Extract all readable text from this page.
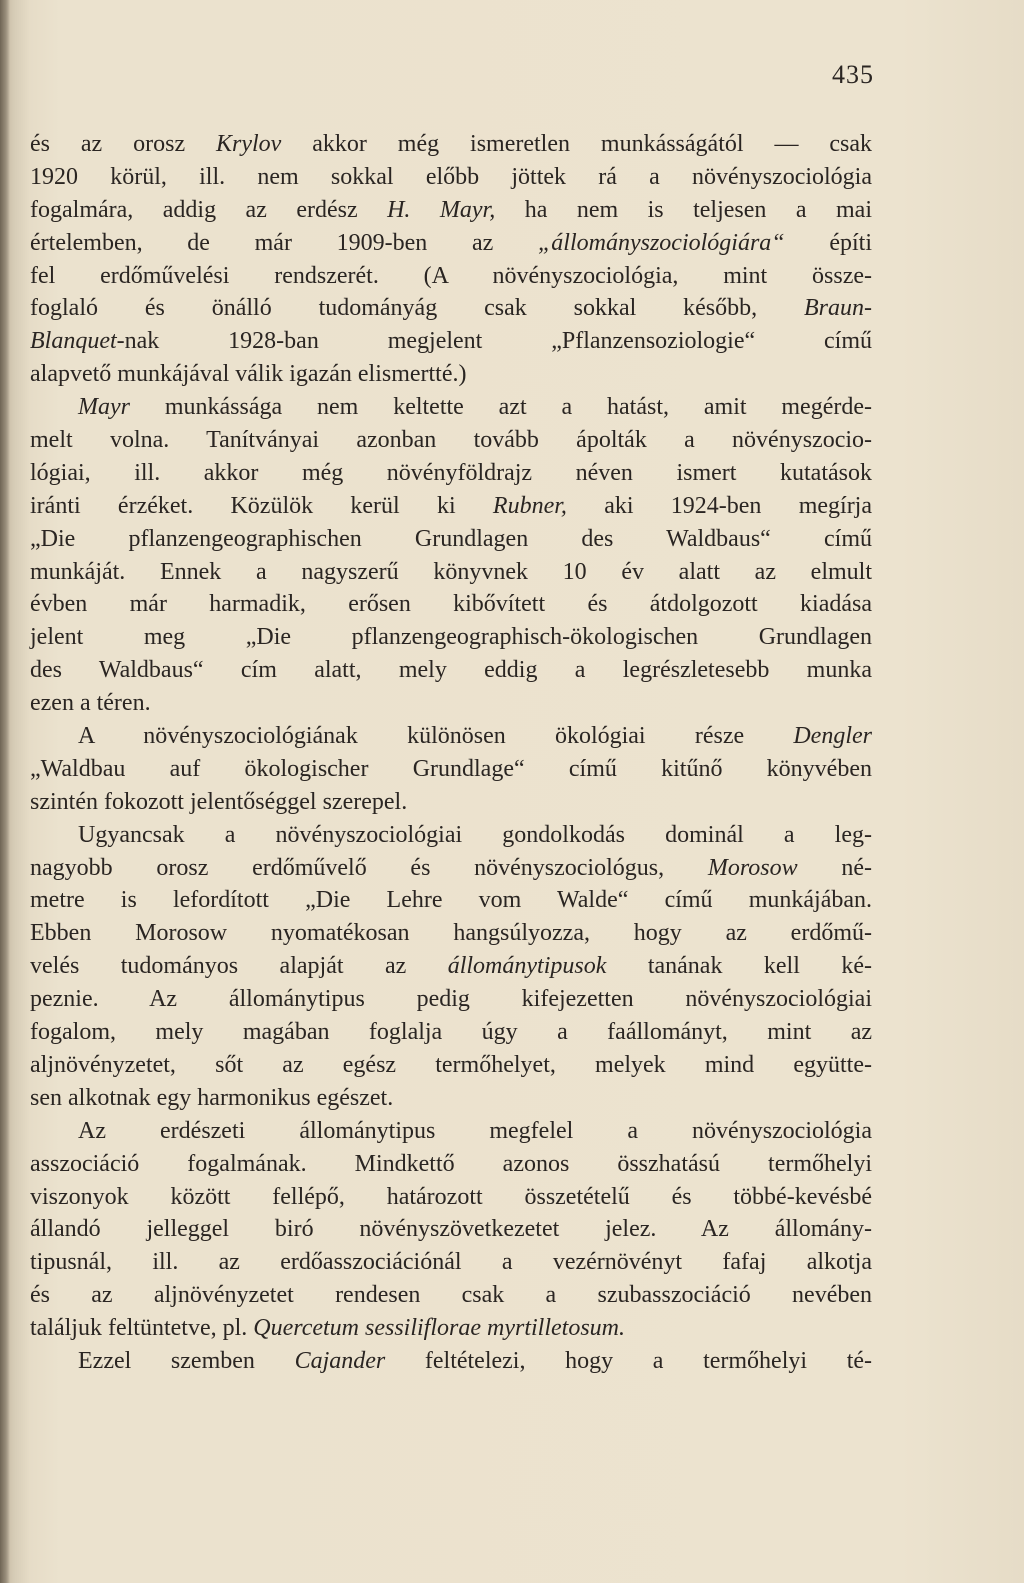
435
és az orosz Krylov akkor még ismeretlen munkásságától — csak
1920 körül, ill. nem sokkal előbb jöttek rá a növényszociológia
fogalmára, addig az erdész H. Mayr, ha nem is teljesen a mai
értelemben, de már 1909-ben az „állományszociológiára“ építi
fel erdőművelési rendszerét. (A növényszociológia, mint össze-
foglaló és önálló tudományág csak sokkal később, Braun-
Blanquet-nak 1928-ban megjelent „Pflanzensoziologie“ című
alapvető munkájával válik igazán elismertté.)
Mayr munkássága nem keltette azt a hatást, amit megérde-
melt volna. Tanítványai azonban tovább ápolták a növényszocio-
lógiai, ill. akkor még növényföldrajz néven ismert kutatások
iránti érzéket. Közülök kerül ki Rubner, aki 1924-ben megírja
„Die pflanzengeographischen Grundlagen des Waldbaus“ című
munkáját. Ennek a nagyszerű könyvnek 10 év alatt az elmult
évben már harmadik, erősen kibővített és átdolgozott kiadása
jelent meg „Die pflanzengeographisch-ökologischen Grundlagen
des Waldbaus“ cím alatt, mely eddig a legrészletesebb munka
ezen a téren.
A növényszociológiának különösen ökológiai része Dengler
„Waldbau auf ökologischer Grundlage“ című kitűnő könyvében
szintén fokozott jelentőséggel szerepel.
Ugyancsak a növényszociológiai gondolkodás dominál a leg-
nagyobb orosz erdőművelő és növényszociológus, Morosow né-
metre is lefordított „Die Lehre vom Walde“ című munkájában.
Ebben Morosow nyomatékosan hangsúlyozza, hogy az erdőmű-
velés tudományos alapját az állománytipusok tanának kell ké-
peznie. Az állománytipus pedig kifejezetten növényszociológiai
fogalom, mely magában foglalja úgy a faállományt, mint az
aljnövényzetet, sőt az egész termőhelyet, melyek mind együtte-
sen alkotnak egy harmonikus egészet.
Az erdészeti állománytipus megfelel a növényszociológia
asszociáció fogalmának. Mindkettő azonos összhatású termőhelyi
viszonyok között fellépő, határozott összetételű és többé-kevésbé
állandó jelleggel biró növényszövetkezetet jelez. Az állomány-
tipusnál, ill. az erdőasszociációnál a vezérnövényt fafaj alkotja
és az aljnövényzetet rendesen csak a szubasszociáció nevében
találjuk feltüntetve, pl. Quercetum sessiliflorae myrtilletosum.
Ezzel szemben Cajander feltételezi, hogy a termőhelyi té-
